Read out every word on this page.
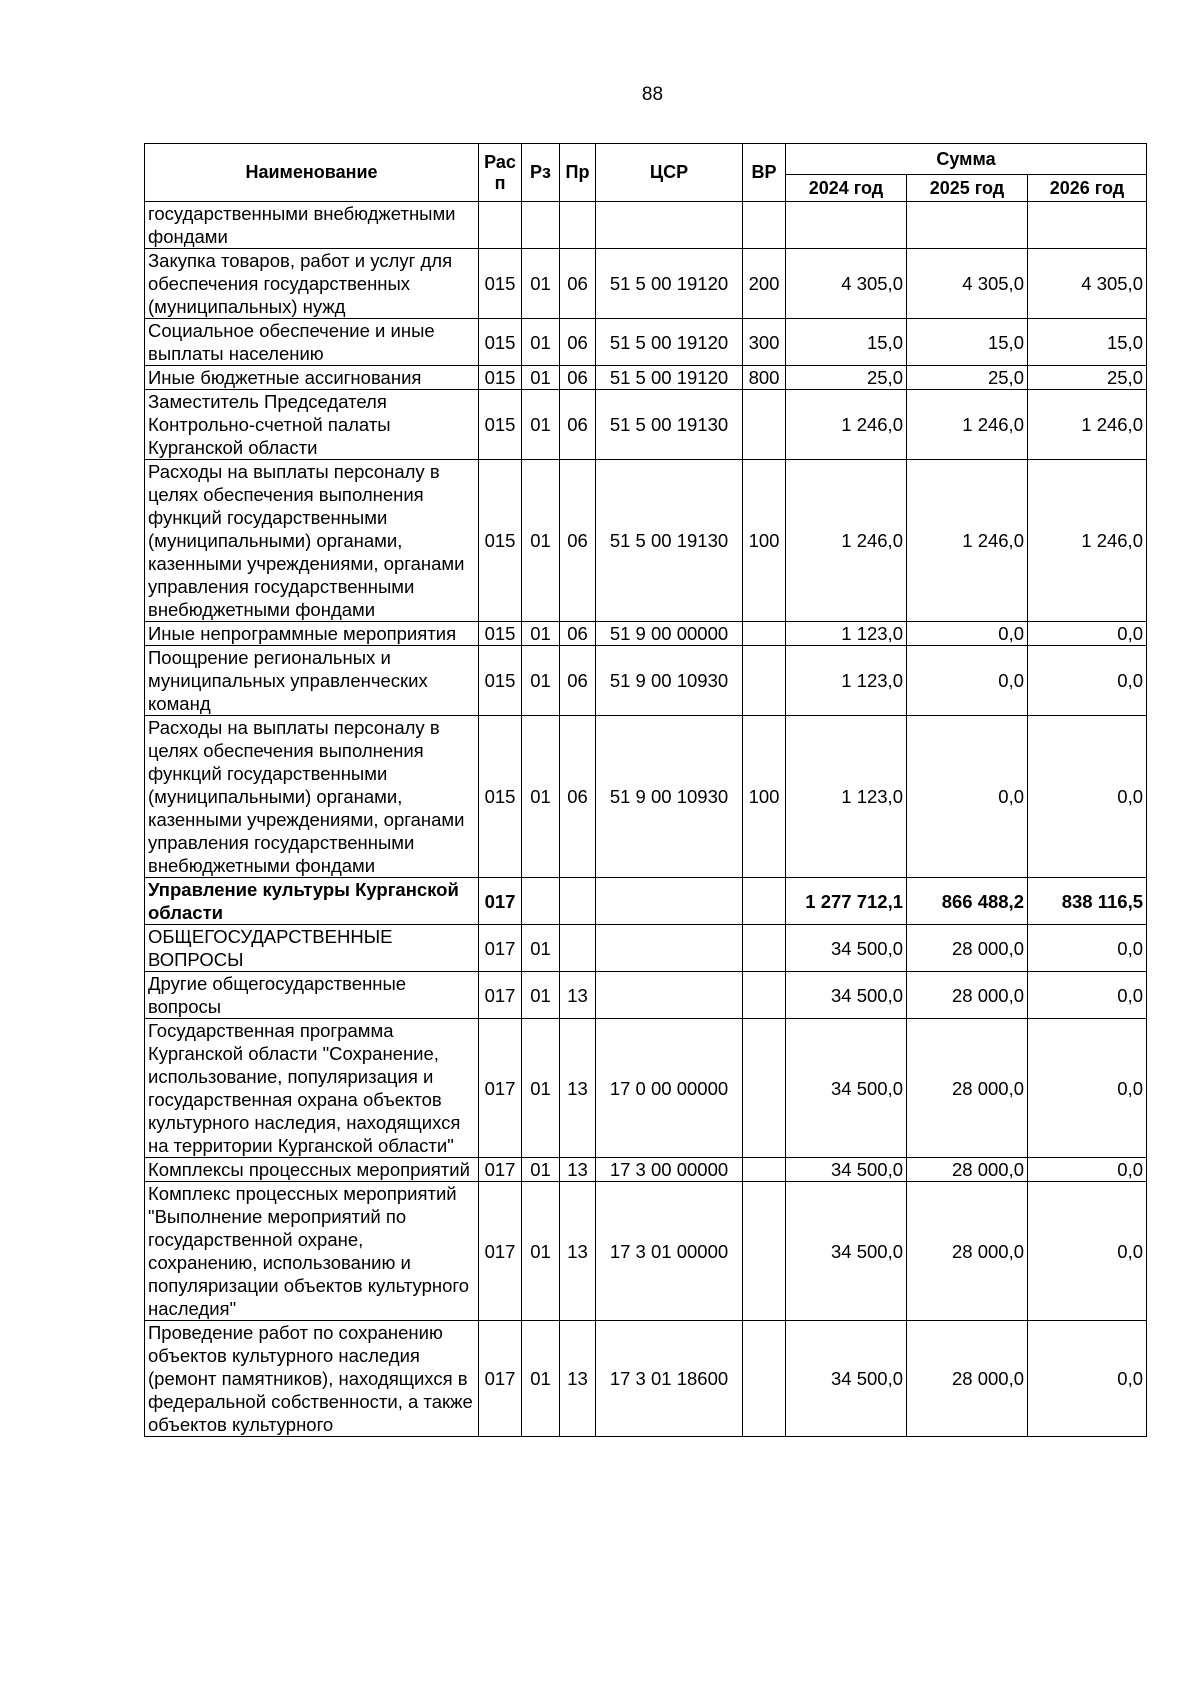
88
Наименование	Рас п	Рз	Пр	ЦСР	ВР	Сумма		
						2024 год	2025 год	2026 год
государственными внебюджетными фондами								
Закупка товаров, работ и услуг для обеспечения государственных (муниципальных) нужд	015	01	06	51 5 00 19120	200	4 305,0	4 305,0	4 305,0
Социальное обеспечение и иные выплаты населению	015	01	06	51 5 00 19120	300	15,0	15,0	15,0
Иные бюджетные ассигнования	015	01	06	51 5 00 19120	800	25,0	25,0	25,0
Заместитель Председателя Контрольно-счетной палаты Курганской области	015	01	06	51 5 00 19130		1 246,0	1 246,0	1 246,0
Расходы на выплаты персоналу в целях обеспечения выполнения функций государственными (муниципальными) органами, казенными учреждениями, органами управления государственными внебюджетными фондами	015	01	06	51 5 00 19130	100	1 246,0	1 246,0	1 246,0
Иные непрограммные мероприятия	015	01	06	51 9 00 00000		1 123,0	0,0	0,0
Поощрение региональных и муниципальных управленческих команд	015	01	06	51 9 00 10930		1 123,0	0,0	0,0
Расходы на выплаты персоналу в целях обеспечения выполнения функций государственными (муниципальными) органами, казенными учреждениями, органами управления государственными внебюджетными фондами	015	01	06	51 9 00 10930	100	1 123,0	0,0	0,0
Управление культуры Курганской области	017					1 277 712,1	866 488,2	838 116,5
ОБЩЕГОСУДАРСТВЕННЫЕ ВОПРОСЫ	017	01				34 500,0	28 000,0	0,0
Другие общегосударственные вопросы	017	01	13			34 500,0	28 000,0	0,0
Государственная программа Курганской области "Сохранение, использование, популяризация и государственная охрана объектов культурного наследия, находящихся на территории Курганской области"	017	01	13	17 0 00 00000		34 500,0	28 000,0	0,0
Комплексы процессных мероприятий	017	01	13	17 3 00 00000		34 500,0	28 000,0	0,0
Комплекс процессных мероприятий "Выполнение мероприятий по государственной охране, сохранению, использованию и популяризации объектов культурного наследия"	017	01	13	17 3 01 00000		34 500,0	28 000,0	0,0
Проведение работ по сохранению объектов культурного наследия (ремонт памятников), находящихся в федеральной собственности, а также объектов культурного	017	01	13	17 3 01 18600		34 500,0	28 000,0	0,0
